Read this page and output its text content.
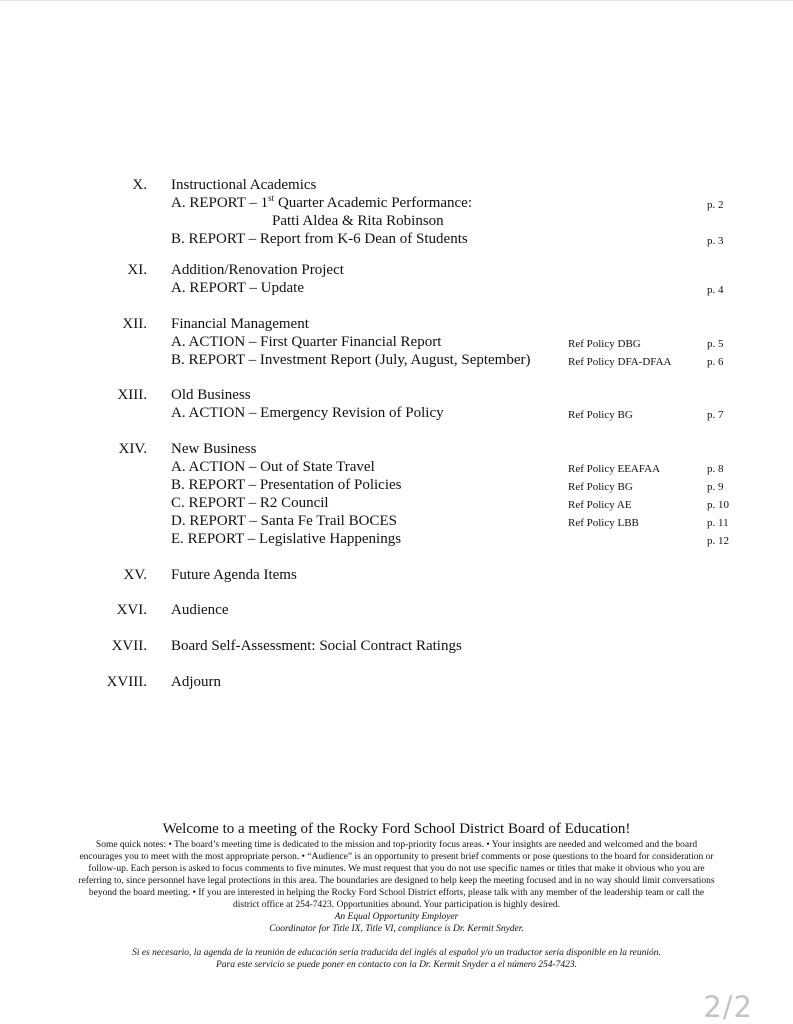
X. Instructional Academics
A. REPORT – 1st Quarter Academic Performance:	p. 2
Patti Aldea & Rita Robinson
B. REPORT – Report from K-6 Dean of Students	p. 3
XI. Addition/Renovation Project
A. REPORT – Update	p. 4
XII. Financial Management
A. ACTION – First Quarter Financial Report	Ref Policy DBG	p. 5
B. REPORT – Investment Report (July, August, September)	Ref Policy DFA-DFAA	p. 6
XIII. Old Business
A. ACTION – Emergency Revision of Policy	Ref Policy BG	p. 7
XIV. New Business
A. ACTION – Out of State Travel	Ref Policy EEAFAA	p. 8
B. REPORT – Presentation of Policies	Ref Policy BG	p. 9
C. REPORT – R2 Council	Ref Policy AE	p. 10
D. REPORT – Santa Fe Trail BOCES	Ref Policy LBB	p. 11
E. REPORT – Legislative Happenings	p. 12
XV. Future Agenda Items
XVI. Audience
XVII. Board Self-Assessment: Social Contract Ratings
XVIII. Adjourn
Welcome to a meeting of the Rocky Ford School District Board of Education!
Some quick notes: • The board’s meeting time is dedicated to the mission and top-priority focus areas. • Your insights are needed and welcomed and the board
encourages you to meet with the most appropriate person. • “Audience” is an opportunity to present brief comments or pose questions to the board for consideration or
follow-up. Each person is asked to focus comments to five minutes. We must request that you do not use specific names or titles that make it obvious who you are
referring to, since personnel have legal protections in this area. The boundaries are designed to help keep the meeting focused and in no way should limit conversations
beyond the board meeting. • If you are interested in helping the Rocky Ford School District efforts, please talk with any member of the leadership team or call the
district office at 254-7423. Opportunities abound. Your participation is highly desired.
An Equal Opportunity Employer
Coordinator for Title IX, Title VI, compliance is Dr. Kermit Snyder.
Si es necesario, la agenda de la reunión de educación sería traducida del inglés al español y/o un traductor sería disponible en la reunión.
Para este servicio se puede poner en contacto con la Dr. Kermit Snyder a el número 254-7423.
2/2
